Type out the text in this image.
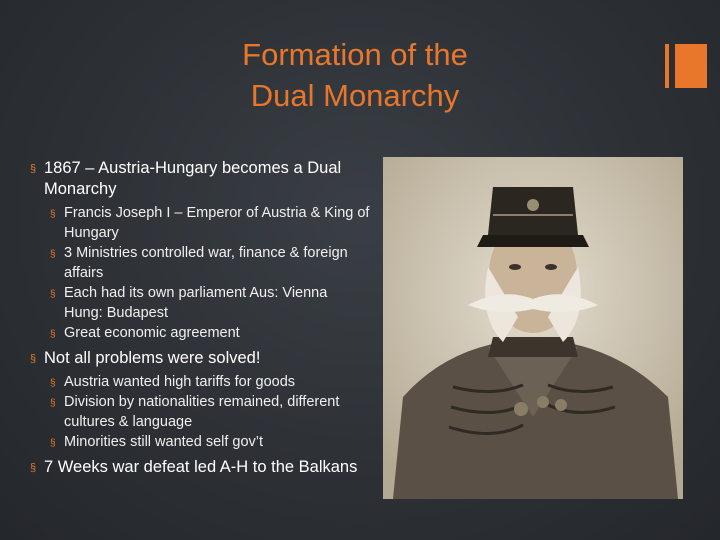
Formation of the
Dual Monarchy
§ 1867 – Austria-Hungary becomes a Dual Monarchy
§ Francis Joseph I – Emperor of Austria & King of Hungary
§ 3 Ministries controlled war, finance & foreign affairs
§ Each had its own parliament Aus: Vienna Hung: Budapest
§ Great economic agreement
§ Not all problems were solved!
§ Austria wanted high tariffs for goods
§ Division by nationalities remained, different cultures & language
§ Minorities still wanted self gov’t
§ 7 Weeks war defeat led A-H to the Balkans
